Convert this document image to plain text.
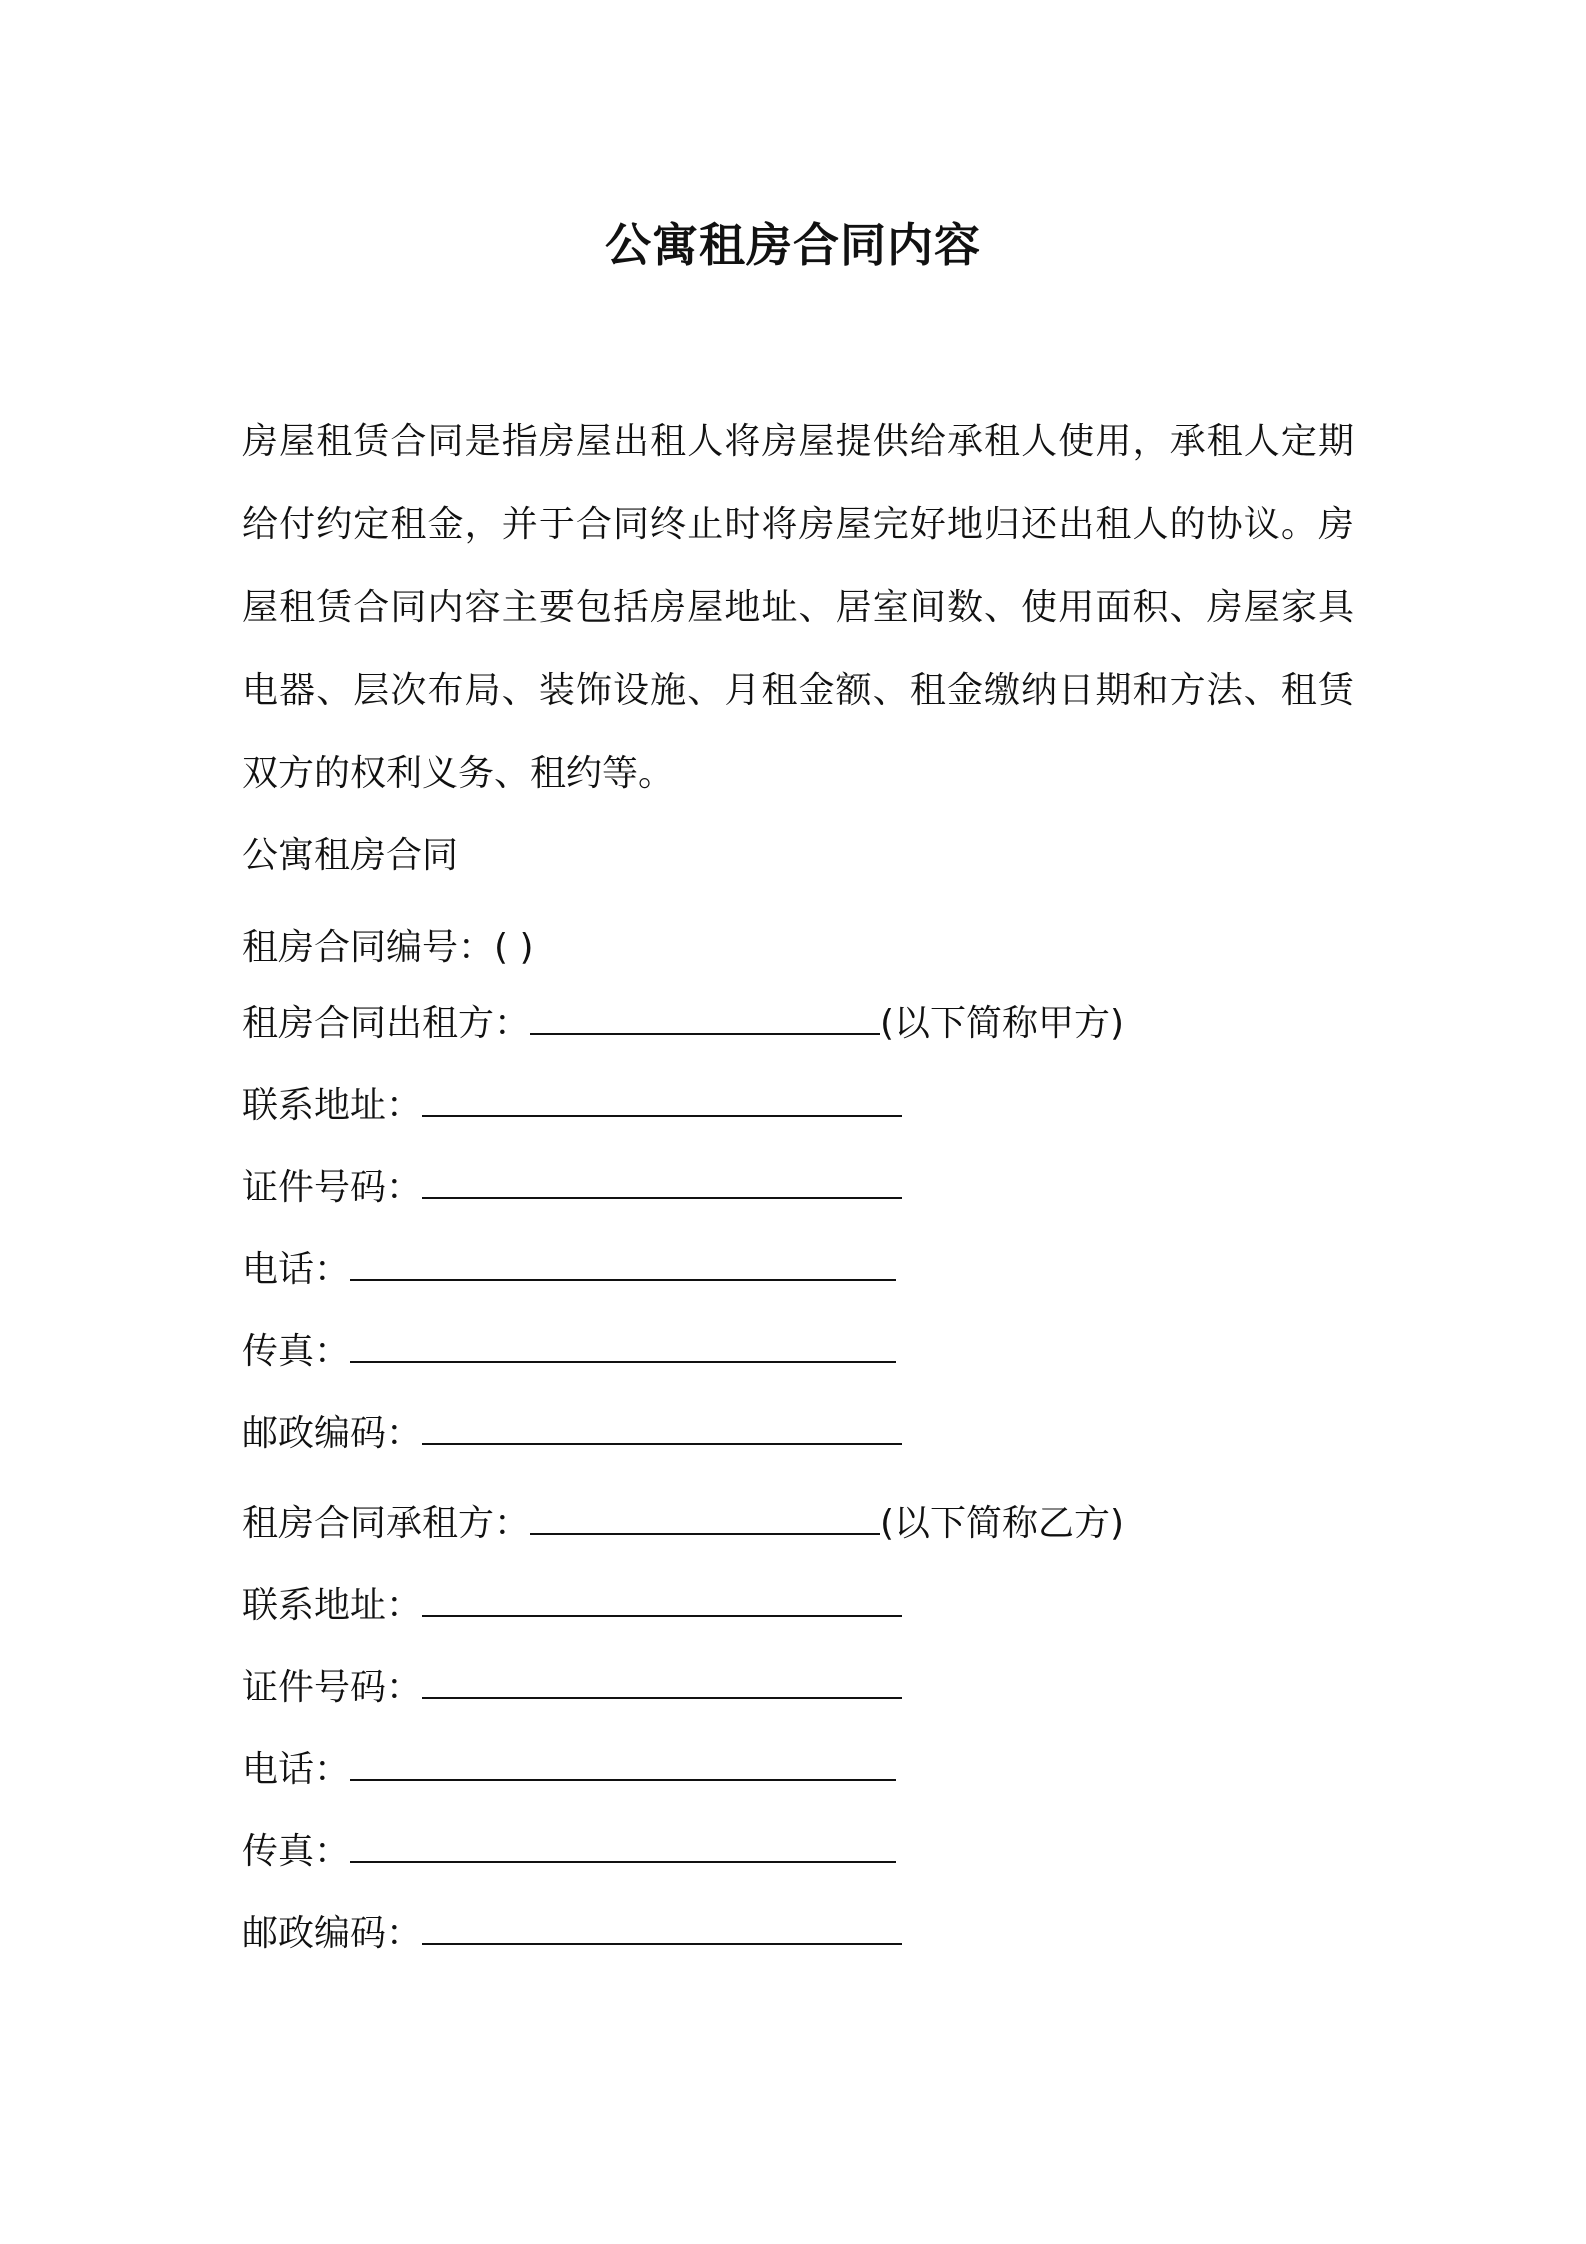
公寓租房合同内容

房屋租赁合同是指房屋出租人将房屋提供给承租人使用，承租人定期给付约定租金，并于合同终止时将房屋完好地归还出租人的协议。房屋租赁合同内容主要包括房屋地址、居室间数、使用面积、房屋家具电器、层次布局、装饰设施、月租金额、租金缴纳日期和方法、租赁双方的权利义务、租约等。

公寓租房合同

租房合同编号：( )

租房合同出租方：	(以下简称甲方)

联系地址：

证件号码：

电话：

传真：

邮政编码：

租房合同承租方：	(以下简称乙方)

联系地址：

证件号码：

电话：

传真：

邮政编码：
